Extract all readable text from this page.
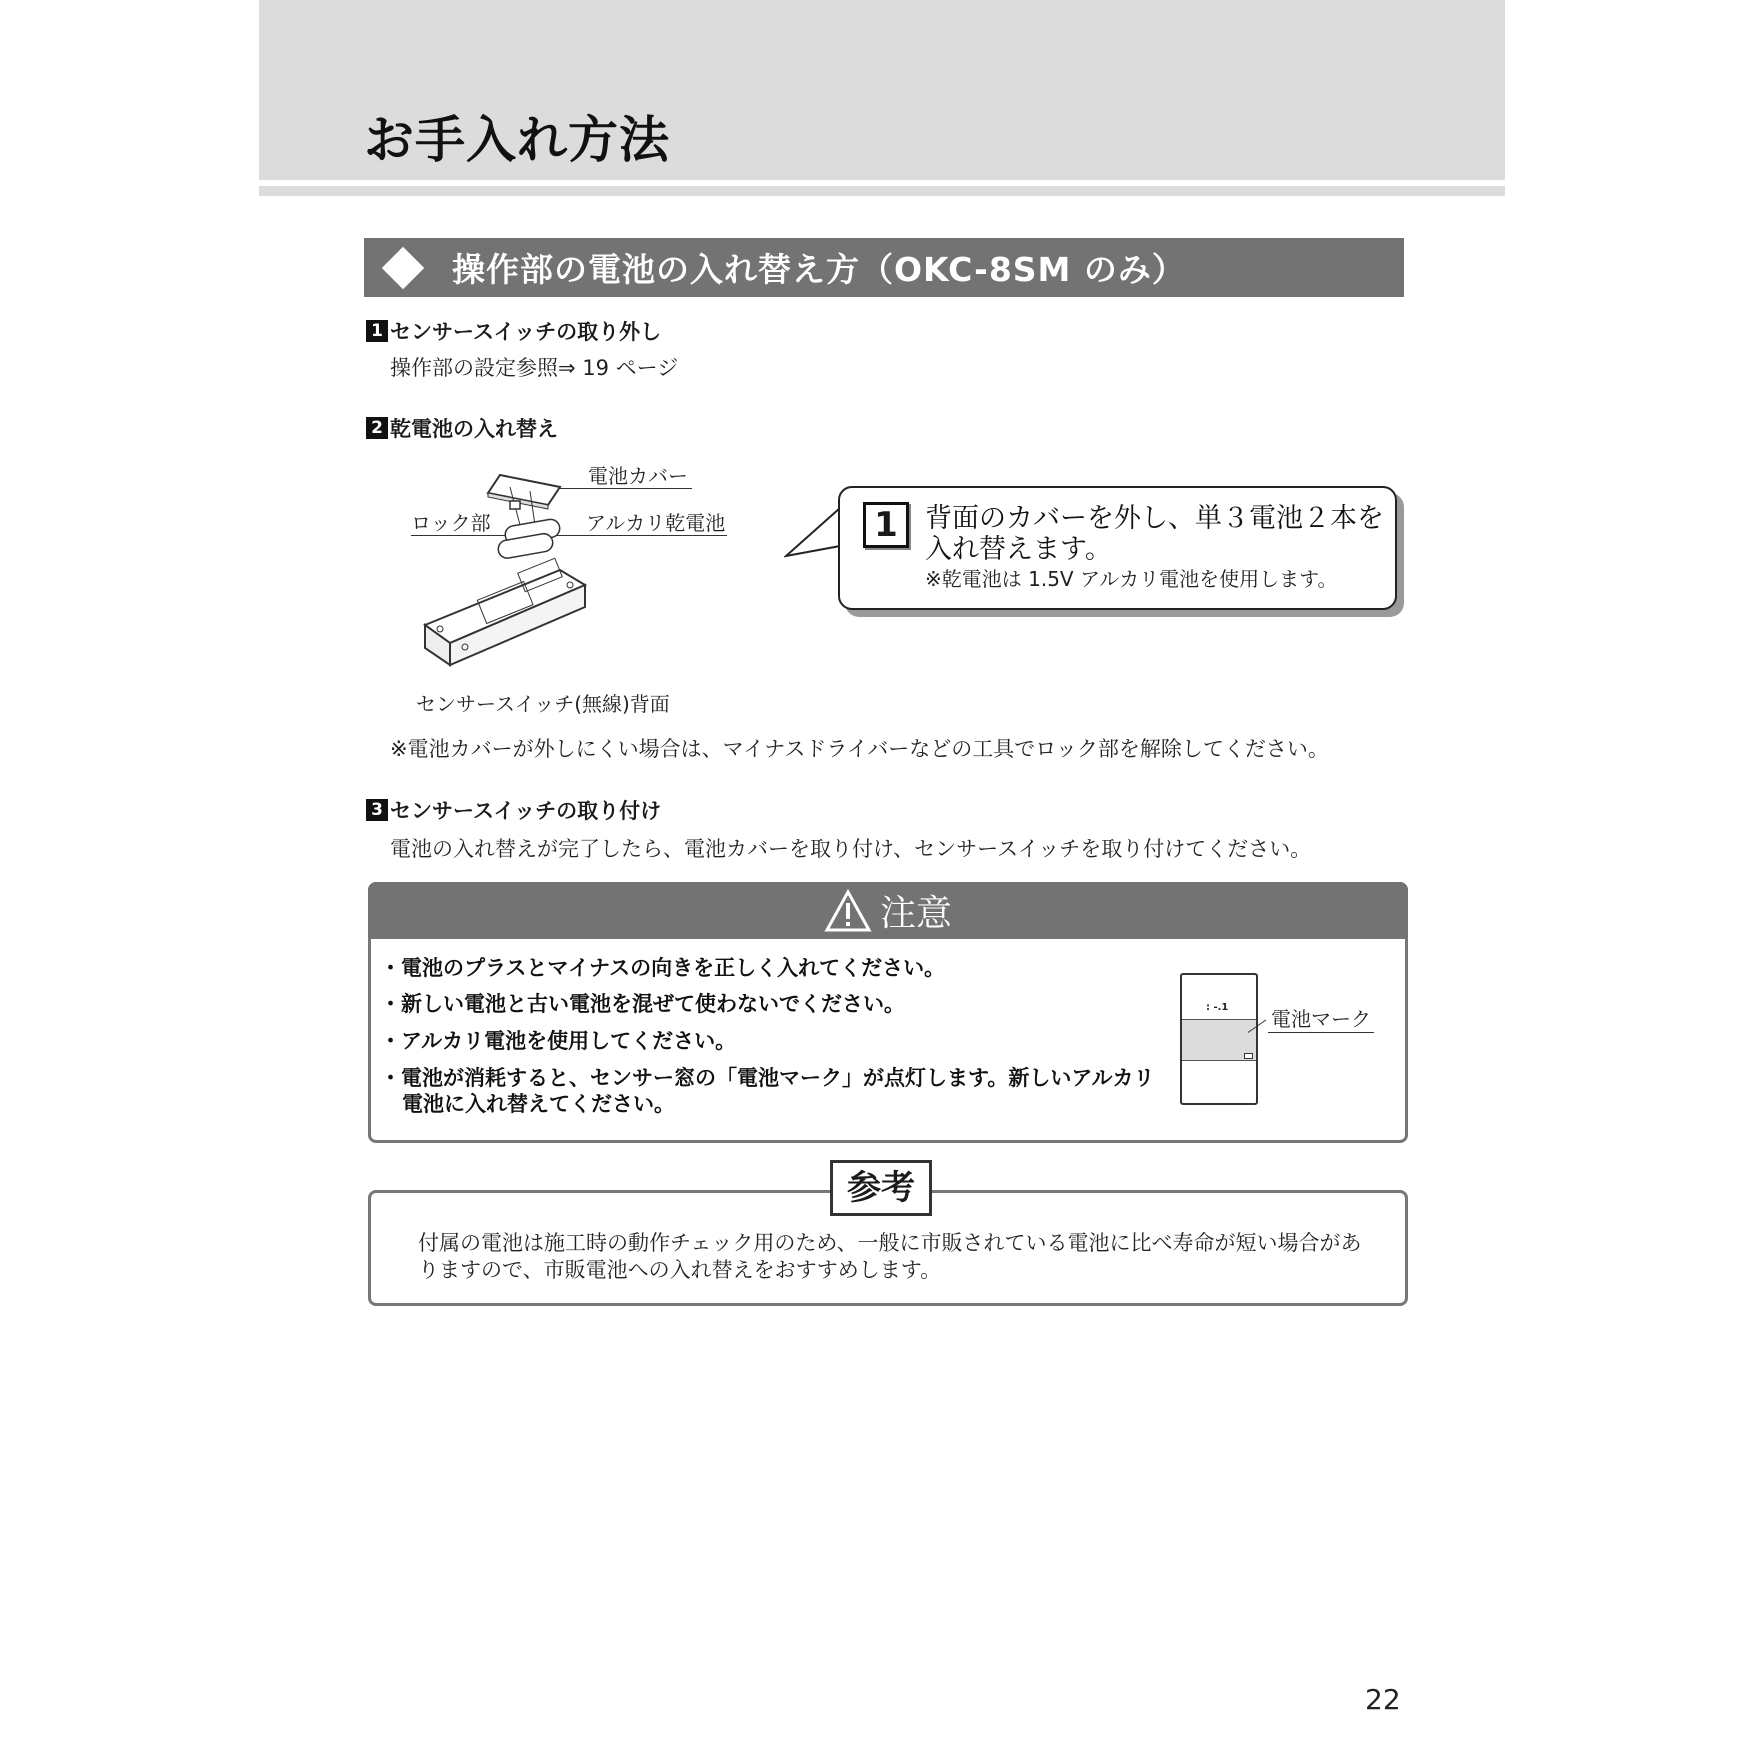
お手入れ方法
操作部の電池の入れ替え方（OKC-8SM のみ）
1 センサースイッチの取り外し
操作部の設定参照⇒ 19 ページ
2 乾電池の入れ替え
電池カバー
ロック部	アルカリ乾電池
センサースイッチ(無線)背面
1	背面のカバーを外し、単３電池２本を入れ替えます。
※乾電池は 1.5V アルカリ電池を使用します。
※電池カバーが外しにくい場合は、マイナスドライバーなどの工具でロック部を解除してください。
3 センサースイッチの取り付け
電池の入れ替えが完了したら、電池カバーを取り付け、センサースイッチを取り付けてください。
注意
・電池のプラスとマイナスの向きを正しく入れてください。
・新しい電池と古い電池を混ぜて使わないでください。
・アルカリ電池を使用してください。
・電池が消耗すると、センサー窓の「電池マーク」が点灯します。新しいアルカリ
電池に入れ替えてください。
: -.1 電池マーク
参考
付属の電池は施工時の動作チェック用のため、一般に市販されている電池に比べ寿命が短い場合がありますので、市販電池への入れ替えをおすすめします。
22
